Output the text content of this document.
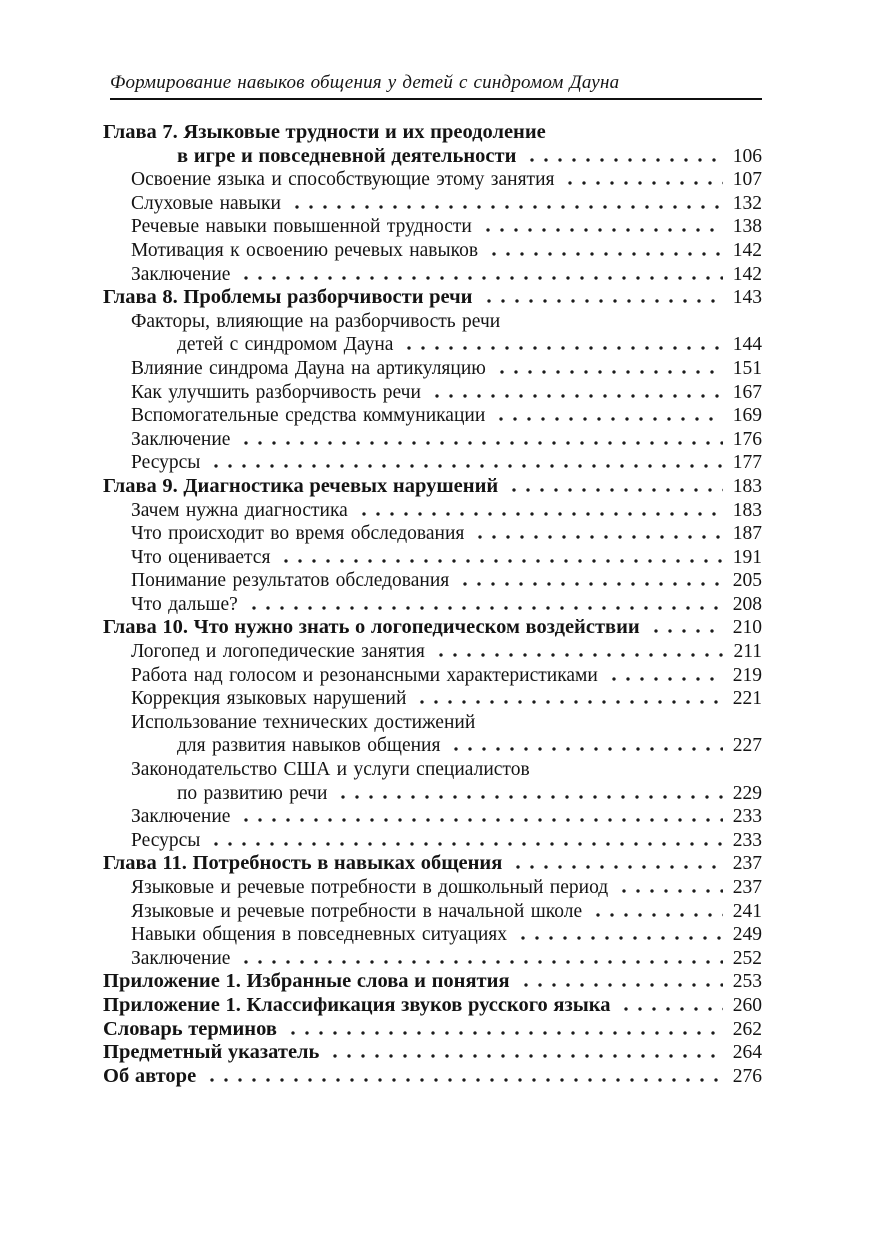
Формирование навыков общения у детей с синдромом Дауна
Глава 7. Языковые трудности и их преодоление
в игре и повседневной деятельности	106
Освоение языка и способствующие этому занятия	107
Слуховые навыки	132
Речевые навыки повышенной трудности	138
Мотивация к освоению речевых навыков	142
Заключение	142
Глава 8. Проблемы разборчивости речи	143
Факторы, влияющие на разборчивость речи
детей с синдромом Дауна	144
Влияние синдрома Дауна на артикуляцию	151
Как улучшить разборчивость речи	167
Вспомогательные средства коммуникации	169
Заключение	176
Ресурсы	177
Глава 9. Диагностика речевых нарушений	183
Зачем нужна диагностика	183
Что происходит во время обследования	187
Что оценивается	191
Понимание результатов обследования	205
Что дальше?	208
Глава 10. Что нужно знать о логопедическом воздействии	210
Логопед и логопедические занятия	211
Работа над голосом и резонансными характеристиками	219
Коррекция языковых нарушений	221
Использование технических достижений
для развития навыков общения	227
Законодательство США и услуги специалистов
по развитию речи	229
Заключение	233
Ресурсы	233
Глава 11. Потребность в навыках общения	237
Языковые и речевые потребности в дошкольный период	237
Языковые и речевые потребности в начальной школе	241
Навыки общения в повседневных ситуациях	249
Заключение	252
Приложение 1. Избранные слова и понятия	253
Приложение 1. Классификация звуков русского языка	260
Словарь терминов	262
Предметный указатель	264
Об авторе	276
